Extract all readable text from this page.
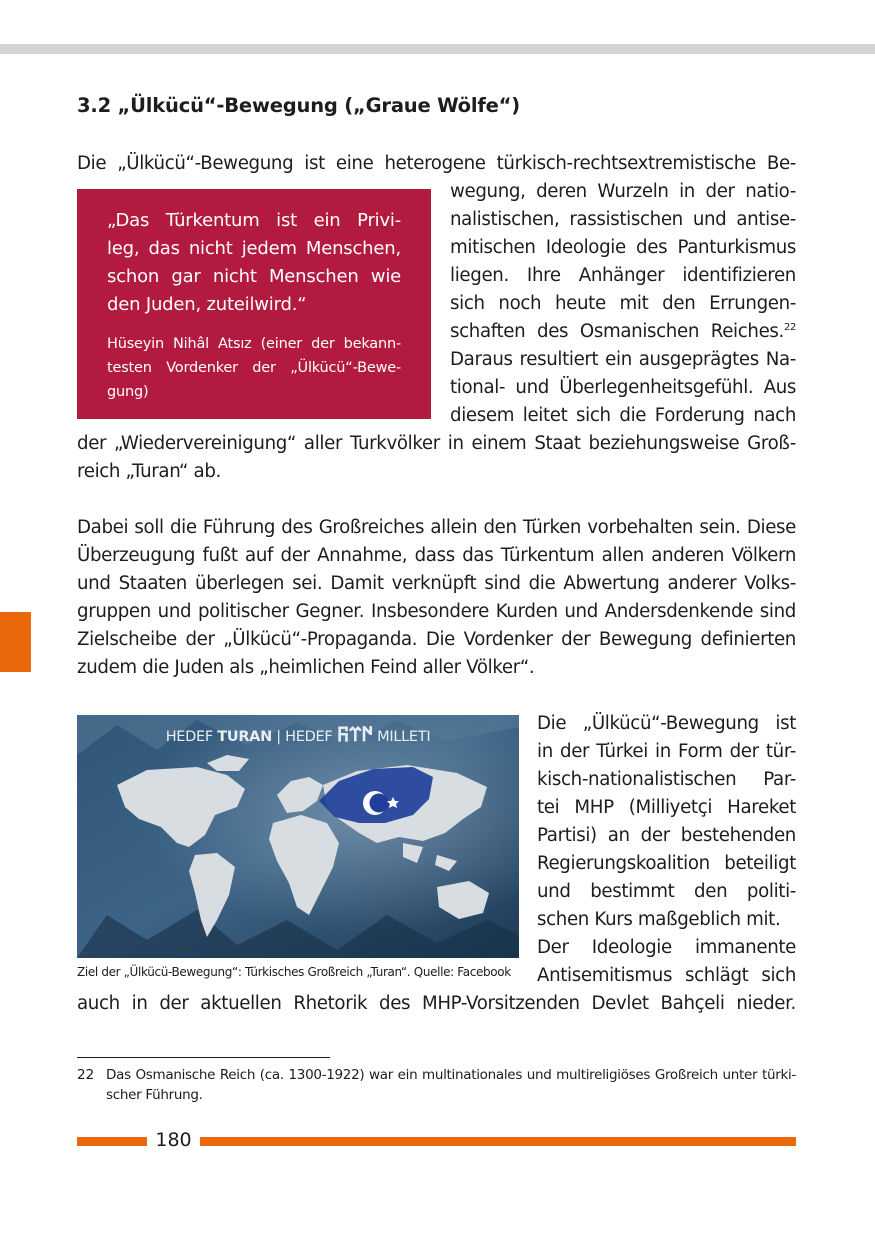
3.2 „Ülkücü“-Bewegung („Graue Wölfe“)
Die „Ülkücü“-Bewegung ist eine heterogene türkisch-rechtsextremistische Be-
wegung, deren Wurzeln in der natio-
nalistischen, rassistischen und antise-
mitischen Ideologie des Panturkismus
liegen. Ihre Anhänger identifizieren
sich noch heute mit den Errungen-
schaften des Osmanischen Reiches.$^{22}$
Daraus resultiert ein ausgeprägtes Na-
tional- und Überlegenheitsgefühl. Aus
diesem leitet sich die Forderung nach
der „Wiedervereinigung“ aller Turkvölker in einem Staat beziehungsweise Groß-
reich „Turan“ ab.
„Das Türkentum ist ein Privi-
leg, das nicht jedem Menschen,
schon gar nicht Menschen wie
den Juden, zuteilwird.“
Hüseyin Nihâl Atsız (einer der bekann-
testen Vordenker der „Ülkücü“-Bewe-
gung)
Dabei soll die Führung des Großreiches allein den Türken vorbehalten sein. Diese
Überzeugung fußt auf der Annahme, dass das Türkentum allen anderen Völkern
und Staaten überlegen sei. Damit verknüpft sind die Abwertung anderer Volks-
gruppen und politischer Gegner. Insbesondere Kurden und Andersdenkende sind
Zielscheibe der „Ülkücü“-Propaganda. Die Vordenker der Bewegung definierten
zudem die Juden als „heimlichen Feind aller Völker“.
HEDEF TURAN | HEDEF 𐰇𐰼𐰜 MILLETI
Ziel der „Ülkücü-Bewegung“: Türkisches Großreich „Turan“. Quelle: Facebook
Die „Ülkücü“-Bewegung ist
in der Türkei in Form der tür-
kisch-nationalistischen Par-
tei MHP (Milliyetçi Hareket
Partisi) an der bestehenden
Regierungskoalition beteiligt
und bestimmt den politi-
schen Kurs maßgeblich mit.
Der Ideologie immanente
Antisemitismus schlägt sich
auch in der aktuellen Rhetorik des MHP-Vorsitzenden Devlet Bahçeli nieder.
22 Das Osmanische Reich (ca. 1300-1922) war ein multinationales und multireligiöses Großreich unter türki-
scher Führung.
180
